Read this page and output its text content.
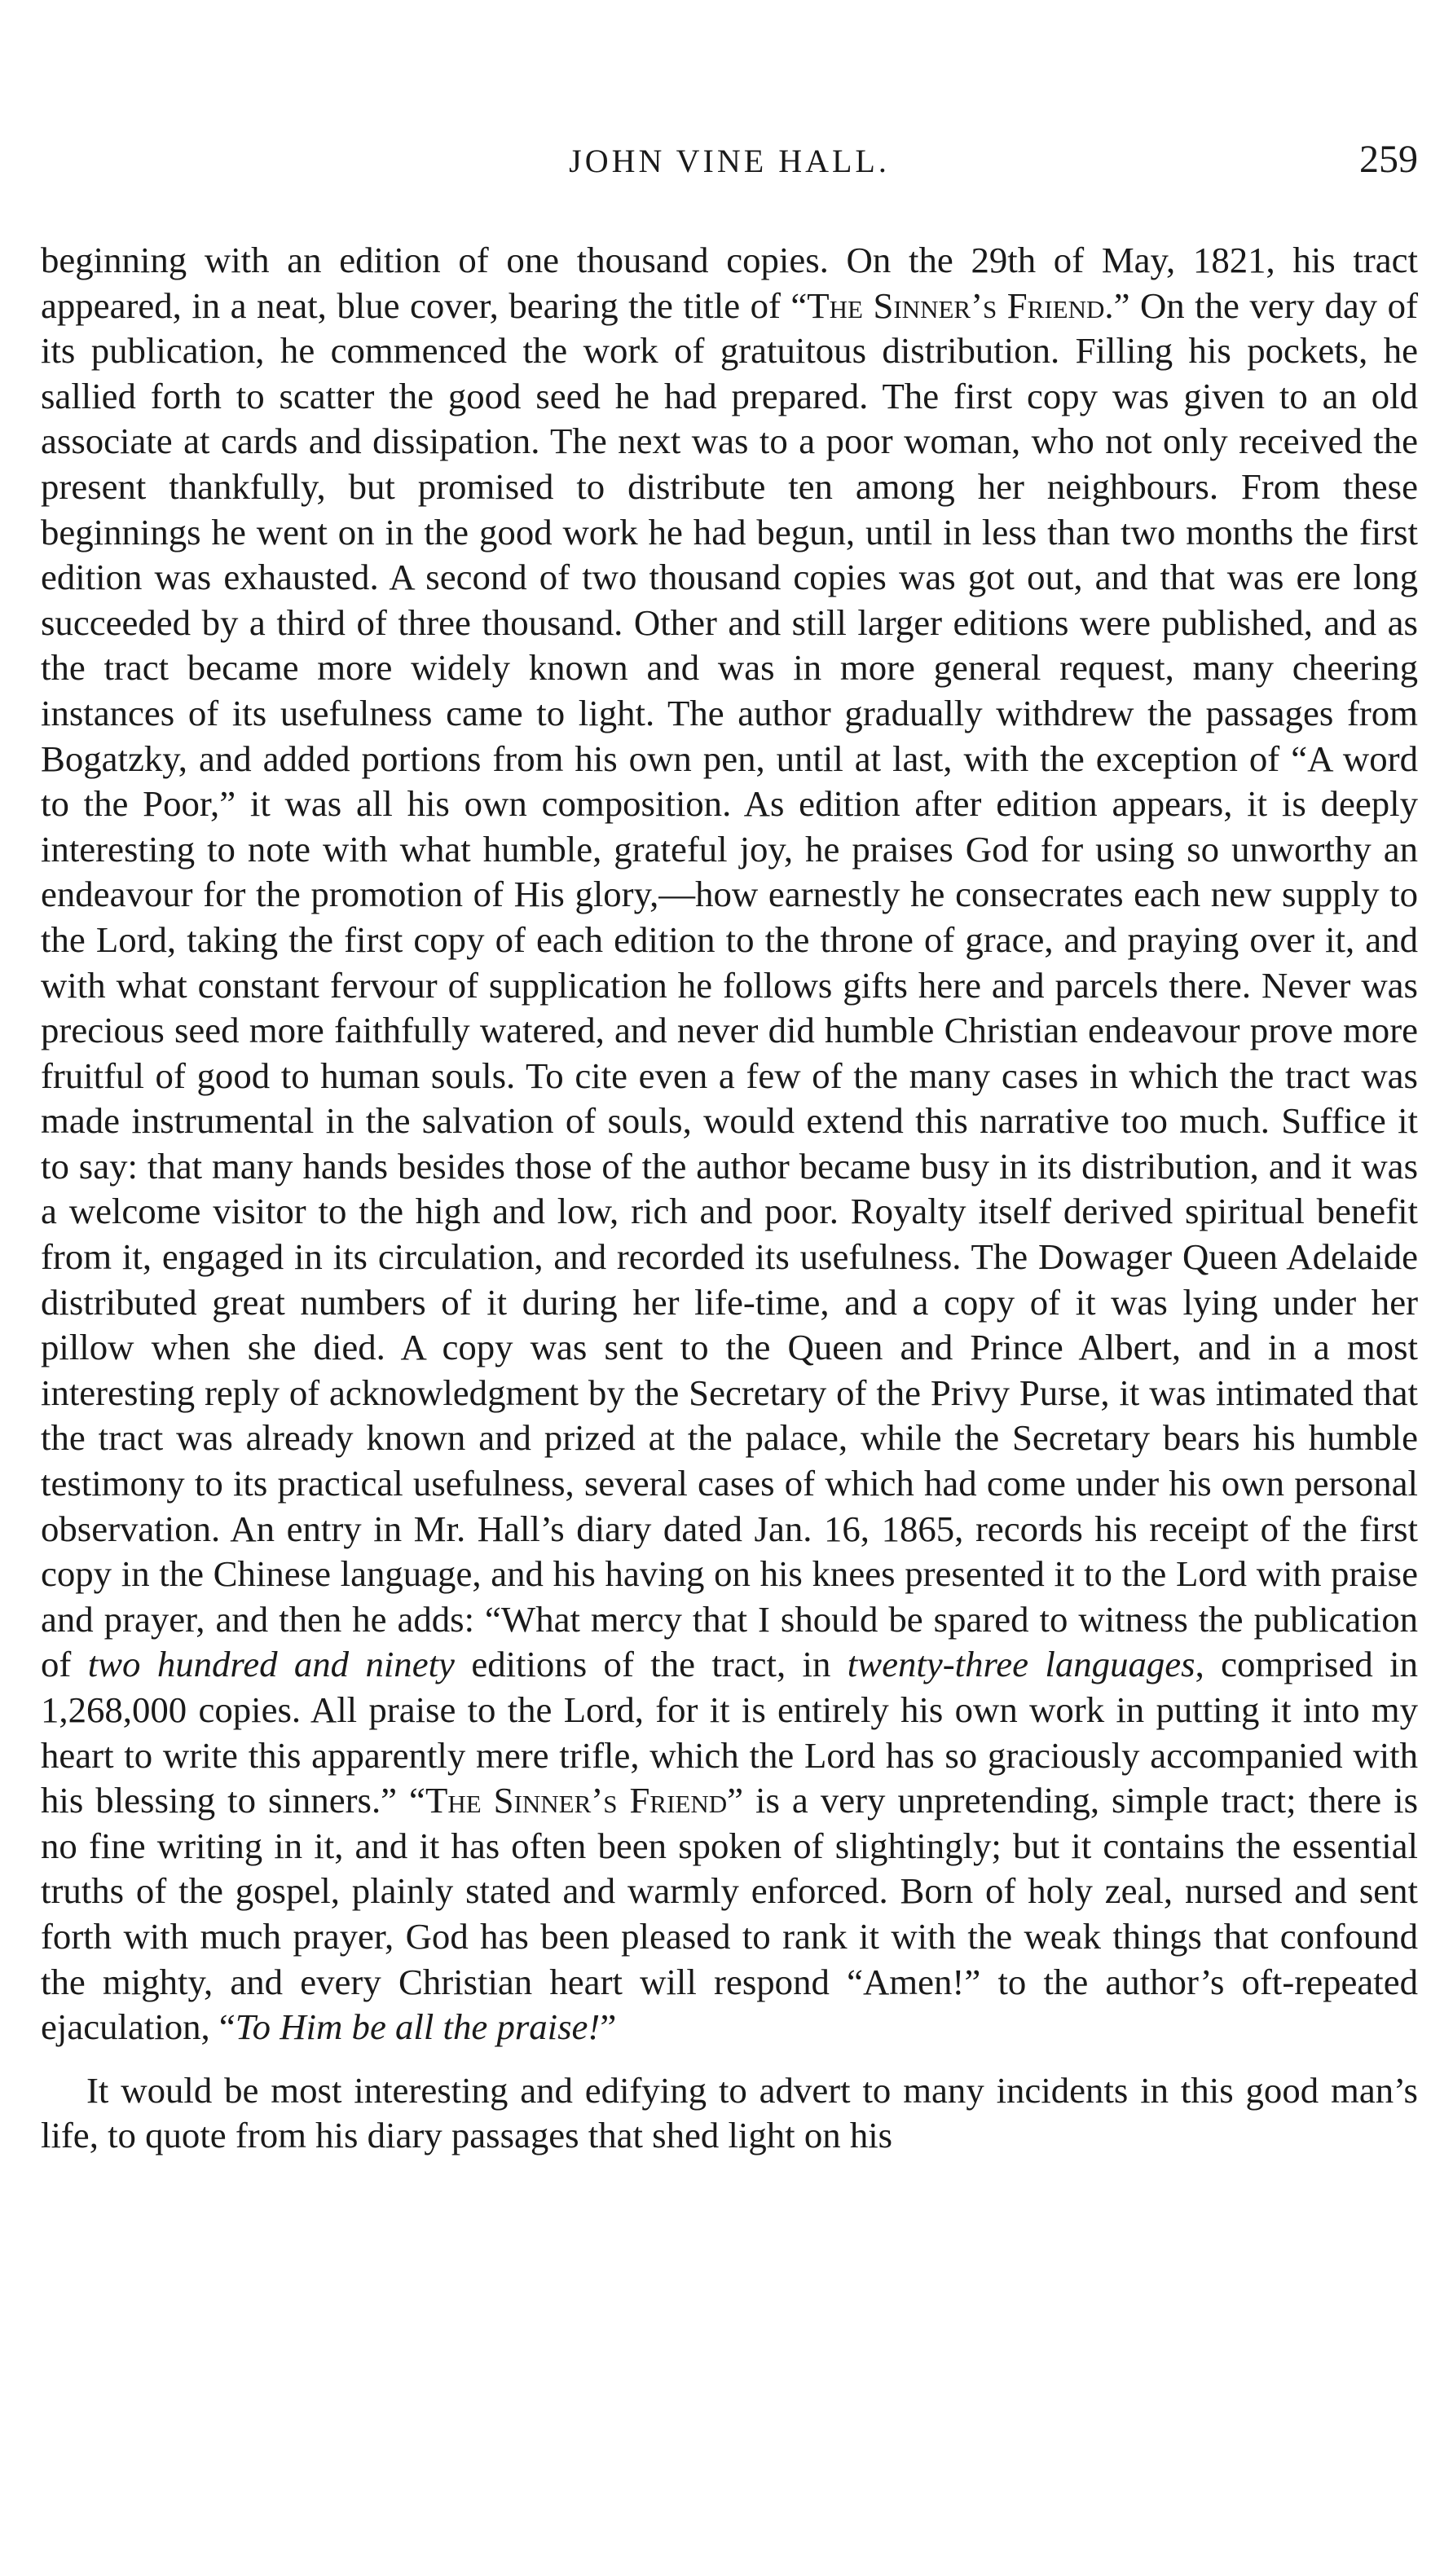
JOHN VINE HALL.	259

beginning with an edition of one thousand copies. On the 29th of May, 1821, his tract appeared, in a neat, blue cover, bearing the title of “The Sinner’s Friend.” On the very day of its publication, he commenced the work of gratuitous distribution. Filling his pockets, he sallied forth to scatter the good seed he had prepared. The first copy was given to an old associate at cards and dissipation. The next was to a poor woman, who not only received the present thankfully, but promised to distribute ten among her neighbours. From these beginnings he went on in the good work he had begun, until in less than two months the first edition was exhausted. A second of two thousand copies was got out, and that was ere long succeeded by a third of three thousand. Other and still larger editions were published, and as the tract became more widely known and was in more general request, many cheering instances of its usefulness came to light. The author gradually withdrew the passages from Bogatzky, and added portions from his own pen, until at last, with the exception of “A word to the Poor,” it was all his own composition. As edition after edition appears, it is deeply interesting to note with what humble, grateful joy, he praises God for using so unworthy an endeavour for the promotion of His glory,—how earnestly he consecrates each new supply to the Lord, taking the first copy of each edition to the throne of grace, and praying over it, and with what constant fervour of supplication he follows gifts here and parcels there. Never was precious seed more faithfully watered, and never did humble Christian endeavour prove more fruitful of good to human souls. To cite even a few of the many cases in which the tract was made instrumental in the salvation of souls, would extend this narrative too much. Suffice it to say: that many hands besides those of the author became busy in its distribution, and it was a welcome visitor to the high and low, rich and poor. Royalty itself derived spiritual benefit from it, engaged in its circulation, and recorded its usefulness. The Dowager Queen Adelaide distributed great numbers of it during her life-time, and a copy of it was lying under her pillow when she died. A copy was sent to the Queen and Prince Albert, and in a most interesting reply of acknowledgment by the Secretary of the Privy Purse, it was intimated that the tract was already known and prized at the palace, while the Secretary bears his humble testimony to its practical usefulness, several cases of which had come under his own personal observation. An entry in Mr. Hall’s diary dated Jan. 16, 1865, records his receipt of the first copy in the Chinese language, and his having on his knees presented it to the Lord with praise and prayer, and then he adds: “What mercy that I should be spared to witness the publication of two hundred and ninety editions of the tract, in twenty-three languages, comprised in 1,268,000 copies. All praise to the Lord, for it is entirely his own work in putting it into my heart to write this apparently mere trifle, which the Lord has so graciously accompanied with his blessing to sinners.” “The Sinner’s Friend” is a very unpretending, simple tract; there is no fine writing in it, and it has often been spoken of slightingly; but it contains the essential truths of the gospel, plainly stated and warmly enforced. Born of holy zeal, nursed and sent forth with much prayer, God has been pleased to rank it with the weak things that confound the mighty, and every Christian heart will respond “Amen!” to the author’s oft-repeated ejaculation, “To Him be all the praise!”

It would be most interesting and edifying to advert to many incidents in this good man’s life, to quote from his diary passages that shed light on his
